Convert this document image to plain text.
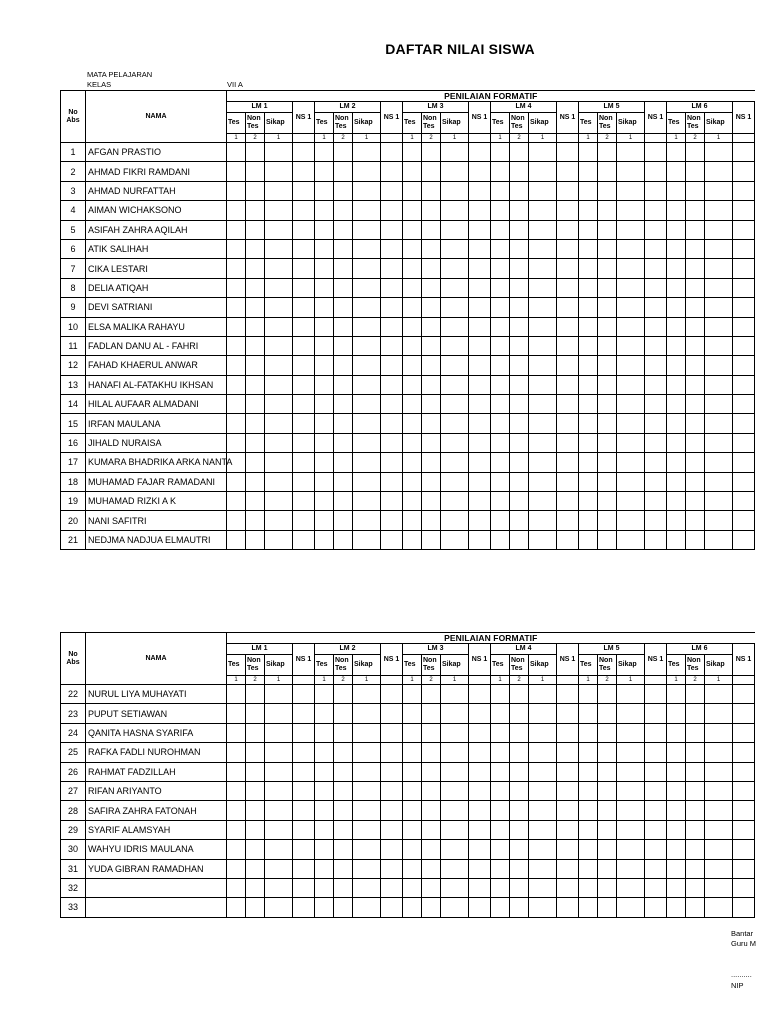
DAFTAR NILAI SISWA
MATA PELAJARAN
KELAS	VII A
No Abs	NAMA	PENILAIAN FORMATIF																							
		LM 1			NS 1	LM 2			NS 1	LM 3			NS 1	LM 4			NS 1	LM 5			NS 1	LM 6			NS 1
		Tes	Non Tes	Sikap		Tes	Non Tes	Sikap		Tes	Non Tes	Sikap		Tes	Non Tes	Sikap		Tes	Non Tes	Sikap		Tes	Non Tes	Sikap	
		1	2	1		1	2	1		1	2	1		1	2	1		1	2	1		1	2	1	
1	AFGAN PRASTIO																								
2	AHMAD FIKRI RAMDANI																								
3	AHMAD NURFATTAH																								
4	AIMAN WICHAKSONO																								
5	ASIFAH ZAHRA AQILAH																								
6	ATIK SALIHAH																								
7	CIKA LESTARI																								
8	DELIA ATIQAH																								
9	DEVI SATRIANI																								
10	ELSA MALIKA RAHAYU																								
11	FADLAN DANU AL - FAHRI																								
12	FAHAD KHAERUL ANWAR																								
13	HANAFI AL-FATAKHU IKHSAN																								
14	HILAL AUFAAR ALMADANI																								
15	IRFAN MAULANA																								
16	JIHALD NURAISA																								
17	KUMARA BHADRIKA ARKA NANTA																								
18	MUHAMAD FAJAR RAMADANI																								
19	MUHAMAD RIZKI A K																								
20	NANI SAFITRI																								
21	NEDJMA NADJUA ELMAUTRI																								
No Abs	NAMA	PENILAIAN FORMATIF																							
		LM 1			NS 1	LM 2			NS 1	LM 3			NS 1	LM 4			NS 1	LM 5			NS 1	LM 6			NS 1
		Tes	Non Tes	Sikap		Tes	Non Tes	Sikap		Tes	Non Tes	Sikap		Tes	Non Tes	Sikap		Tes	Non Tes	Sikap		Tes	Non Tes	Sikap	
		1	2	1		1	2	1		1	2	1		1	2	1		1	2	1		1	2	1	
22	NURUL LIYA MUHAYATI																								
23	PUPUT SETIAWAN																								
24	QANITA HASNA SYARIFA																								
25	RAFKA FADLI NUROHMAN																								
26	RAHMAT FADZILLAH																								
27	RIFAN ARIYANTO																								
28	SAFIRA ZAHRA FATONAH																								
29	SYARIF ALAMSYAH																								
30	WAHYU IDRIS MAULANA																								
31	YUDA GIBRAN RAMADHAN																								
32																									
33																									
Bantar
Guru M
..........
NIP
